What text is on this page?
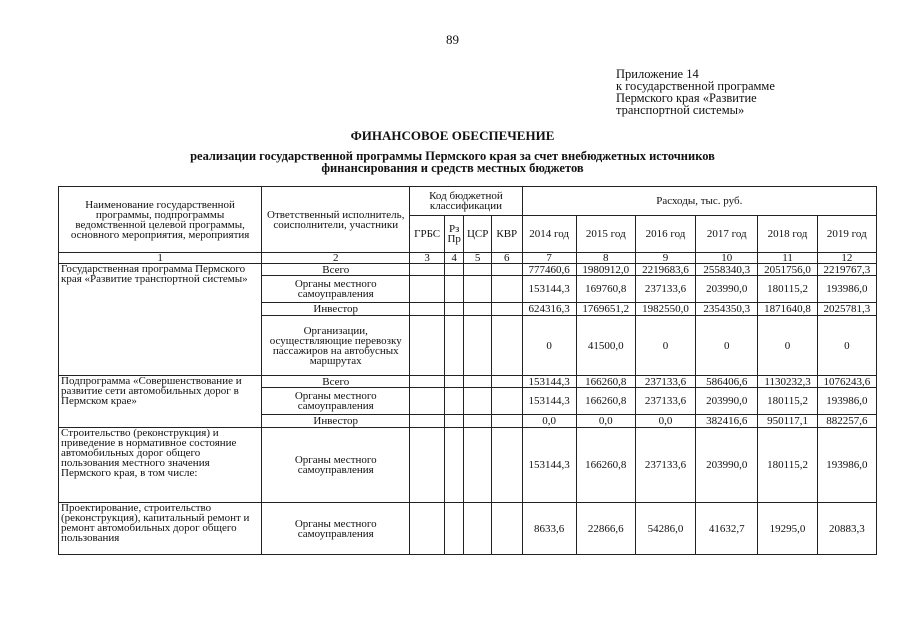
89
Приложение 14
к государственной программе
Пермского края «Развитие
транспортной системы»
ФИНАНСОВОЕ ОБЕСПЕЧЕНИЕ
реализации государственной программы Пермского края за счет внебюджетных источников
финансирования и средств местных бюджетов
Наименование государственной программы, подпрограммы ведомственной целевой программы, основного мероприятия, мероприятия	Ответственный исполнитель, соисполнители, участники	Код бюджетной классификации				Расходы, тыс. руб.					
		ГРБС	Рз Пр	ЦСР	КВР	2014 год	2015 год	2016 год	2017 год	2018 год	2019 год
1	2	3	4	5	6	7	8	9	10	11	12
Государственная программа Пермского края «Развитие транспортной системы»	Всего					777460,6	1980912,0	2219683,6	2558340,3	2051756,0	2219767,3
	Органы местного самоуправления					153144,3	169760,8	237133,6	203990,0	180115,2	193986,0
	Инвестор					624316,3	1769651,2	1982550,0	2354350,3	1871640,8	2025781,3
	Организации, осуществляющие перевозку пассажиров на автобусных маршрутах					0	41500,0	0	0	0	0
Подпрограмма «Совершенствование и развитие сети автомобильных дорог в Пермском крае»	Всего					153144,3	166260,8	237133,6	586406,6	1130232,3	1076243,6
	Органы местного самоуправления					153144,3	166260,8	237133,6	203990,0	180115,2	193986,0
	Инвестор					0,0	0,0	0,0	382416,6	950117,1	882257,6
Строительство (реконструкция) и приведение в нормативное состояние автомобильных дорог общего пользования местного значения Пермского края, в том числе:	Органы местного самоуправления					153144,3	166260,8	237133,6	203990,0	180115,2	193986,0
Проектирование, строительство (реконструкция), капитальный ремонт и ремонт автомобильных дорог общего пользования	Органы местного самоуправления					8633,6	22866,6	54286,0	41632,7	19295,0	20883,3
